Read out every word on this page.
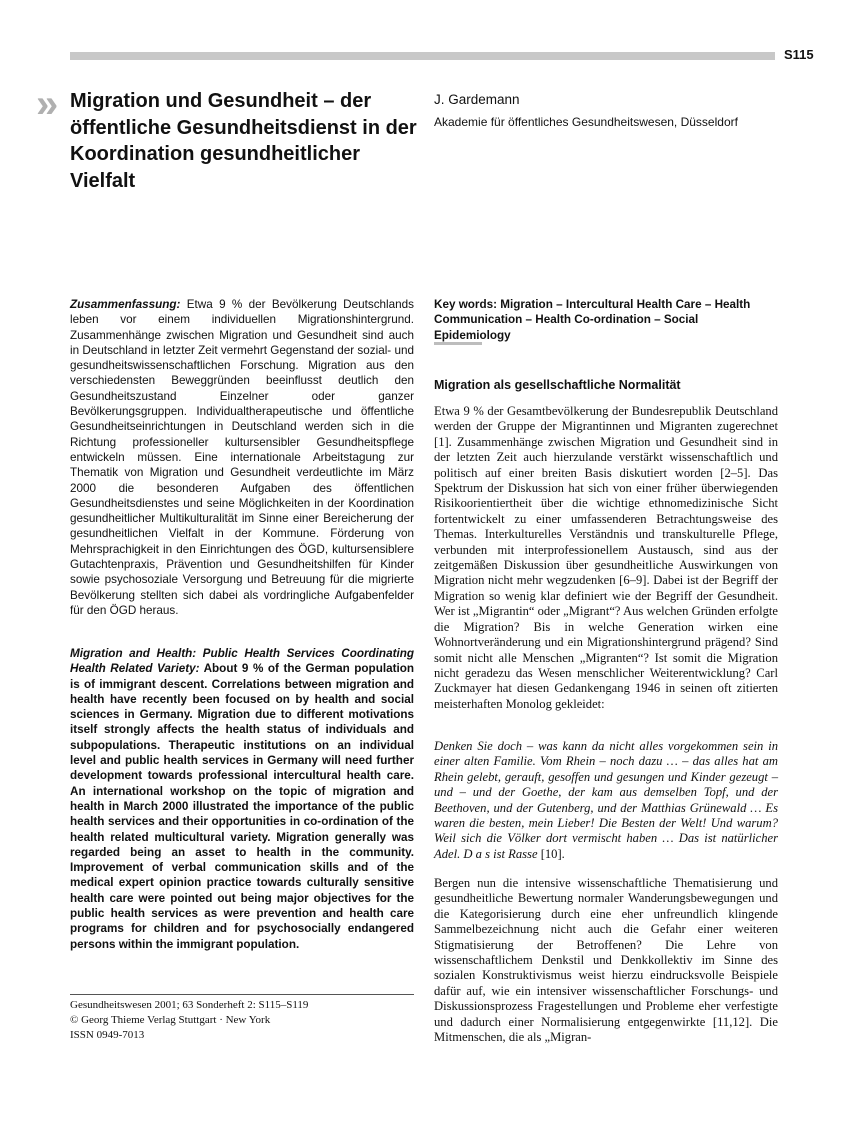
S115
» Migration und Gesundheit – der öffentliche Gesundheitsdienst in der Koordination gesundheitlicher Vielfalt
J. Gardemann
Akademie für öffentliches Gesundheitswesen, Düsseldorf

Zusammenfassung: Etwa 9 % der Bevölkerung Deutschlands leben vor einem individuellen Migrationshintergrund. Zusammenhänge zwischen Migration und Gesundheit sind auch in Deutschland in letzter Zeit vermehrt Gegenstand der sozial- und gesundheitswissenschaftlichen Forschung. Migration aus den verschiedensten Beweggründen beeinflusst deutlich den Gesundheitszustand Einzelner oder ganzer Bevölkerungsgruppen. Individualtherapeutische und öffentliche Gesundheitseinrichtungen in Deutschland werden sich in die Richtung professioneller kultursensibler Gesundheitspflege entwickeln müssen. Eine internationale Arbeitstagung zur Thematik von Migration und Gesundheit verdeutlichte im März 2000 die besonderen Aufgaben des öffentlichen Gesundheitsdienstes und seine Möglichkeiten in der Koordination gesundheitlicher Multikulturalität im Sinne einer Bereicherung der gesundheitlichen Vielfalt in der Kommune. Förderung von Mehrsprachigkeit in den Einrichtungen des ÖGD, kultursensiblere Gutachtenpraxis, Prävention und Gesundheitshilfen für Kinder sowie psychosoziale Versorgung und Betreuung für die migrierte Bevölkerung stellten sich dabei als vordringliche Aufgabenfelder für den ÖGD heraus.

Migration and Health: Public Health Services Coordinating Health Related Variety: About 9 % of the German population is of immigrant descent. Correlations between migration and health have recently been focused on by health and social sciences in Germany. Migration due to different motivations itself strongly affects the health status of individuals and subpopulations. Therapeutic institutions on an individual level and public health services in Germany will need further development towards professional intercultural health care. An international workshop on the topic of migration and health in March 2000 illustrated the importance of the public health services and their opportunities in co-ordination of the health related multicultural variety. Migration generally was regarded being an asset to health in the community. Improvement of verbal communication skills and of the medical expert opinion practice towards culturally sensitive health care were pointed out being major objectives for the public health services as were prevention and health care programs for children and for psychosocially endangered persons within the immigrant population.

Key words: Migration – Intercultural Health Care – Health Communication – Health Co-ordination – Social Epidemiology

Migration als gesellschaftliche Normalität

Etwa 9 % der Gesamtbevölkerung der Bundesrepublik Deutschland werden der Gruppe der Migrantinnen und Migranten zugerechnet [1]. Zusammenhänge zwischen Migration und Gesundheit sind in der letzten Zeit auch hierzulande verstärkt wissenschaftlich und politisch auf einer breiten Basis diskutiert worden [2–5]. Das Spektrum der Diskussion hat sich von einer früher überwiegenden Risikoorientiertheit über die wichtige ethnomedizinische Sicht fortentwickelt zu einer umfassenderen Betrachtungsweise des Themas. Interkulturelles Verständnis und transkulturelle Pflege, verbunden mit interprofessionellem Austausch, sind aus der zeitgemäßen Diskussion über gesundheitliche Auswirkungen von Migration nicht mehr wegzudenken [6–9]. Dabei ist der Begriff der Migration so wenig klar definiert wie der Begriff der Gesundheit. Wer ist „Migrantin“ oder „Migrant“? Aus welchen Gründen erfolgte die Migration? Bis in welche Generation wirken eine Wohnortveränderung und ein Migrationshintergrund prägend? Sind somit nicht alle Menschen „Migranten“? Ist somit die Migration nicht geradezu das Wesen menschlicher Weiterentwicklung? Carl Zuckmayer hat diesen Gedankengang 1946 in seinen oft zitierten meisterhaften Monolog gekleidet:

Denken Sie doch – was kann da nicht alles vorgekommen sein in einer alten Familie. Vom Rhein – noch dazu … – das alles hat am Rhein gelebt, gerauft, gesoffen und gesungen und Kinder gezeugt – und – und der Goethe, der kam aus demselben Topf, und der Beethoven, und der Gutenberg, und der Matthias Grünewald … Es waren die besten, mein Lieber! Die Besten der Welt! Und warum? Weil sich die Völker dort vermischt haben … Das ist natürlicher Adel. D a s ist Rasse [10].

Bergen nun die intensive wissenschaftliche Thematisierung und gesundheitliche Bewertung normaler Wanderungsbewegungen und die Kategorisierung durch eine eher unfreundlich klingende Sammelbezeichnung nicht auch die Gefahr einer weiteren Stigmatisierung der Betroffenen? Die Lehre von wissenschaftlichem Denkstil und Denkkollektiv im Sinne des sozialen Konstruktivismus weist hierzu eindrucksvolle Beispiele dafür auf, wie ein intensiver wissenschaftlicher Forschungs- und Diskussionsprozess Fragestellungen und Probleme eher verfestigte und dadurch einer Normalisierung entgegenwirkte [11,12]. Die Mitmenschen, die als „Migran-

Gesundheitswesen 2001; 63 Sonderheft 2: S115–S119
© Georg Thieme Verlag Stuttgart · New York
ISSN 0949-7013
